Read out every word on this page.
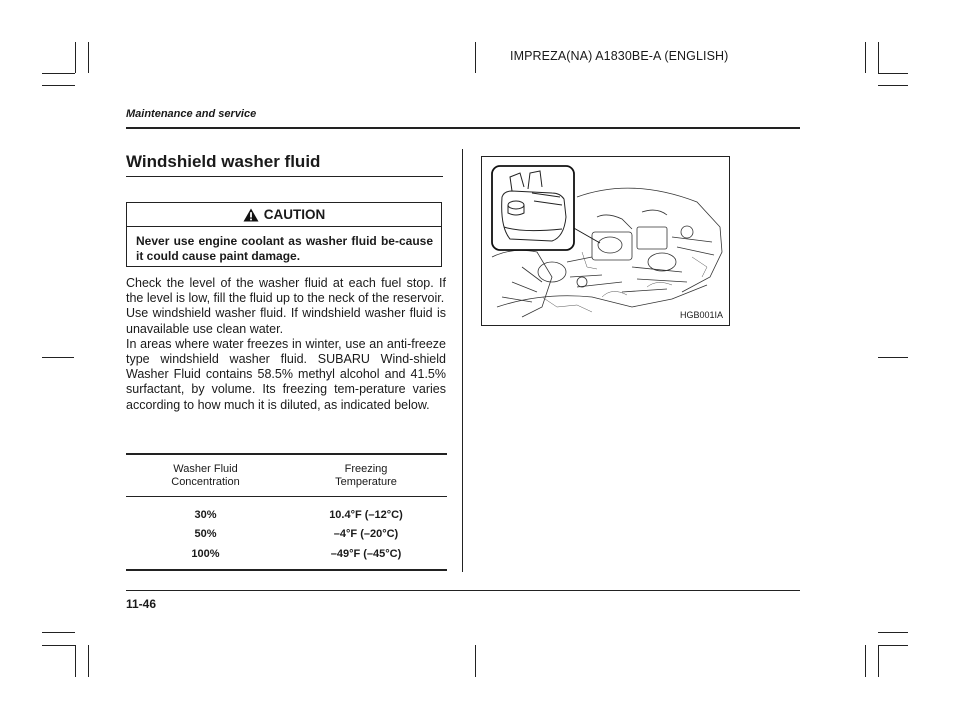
IMPREZA(NA) A1830BE-A (ENGLISH)
Maintenance and service
Windshield washer fluid
CAUTION
Never use engine coolant as washer fluid be-cause it could cause paint damage.

Check the level of the washer fluid at each fuel stop. If the level is low, fill the fluid up to the neck of the reservoir.

Use windshield washer fluid. If windshield washer fluid is unavailable use clean water.

In areas where water freezes in winter, use an anti-freeze type windshield washer fluid. SUBARU Wind-shield Washer Fluid contains 58.5% methyl alcohol and 41.5% surfactant, by volume. Its freezing tem-perature varies according to how much it is diluted, as indicated below.

Washer Fluid Concentration
Freezing Temperature
30%	10.4°F (–12°C)
50%	–4°F (–20°C)
100%	–49°F (–45°C)
HGB001IA
11-46
